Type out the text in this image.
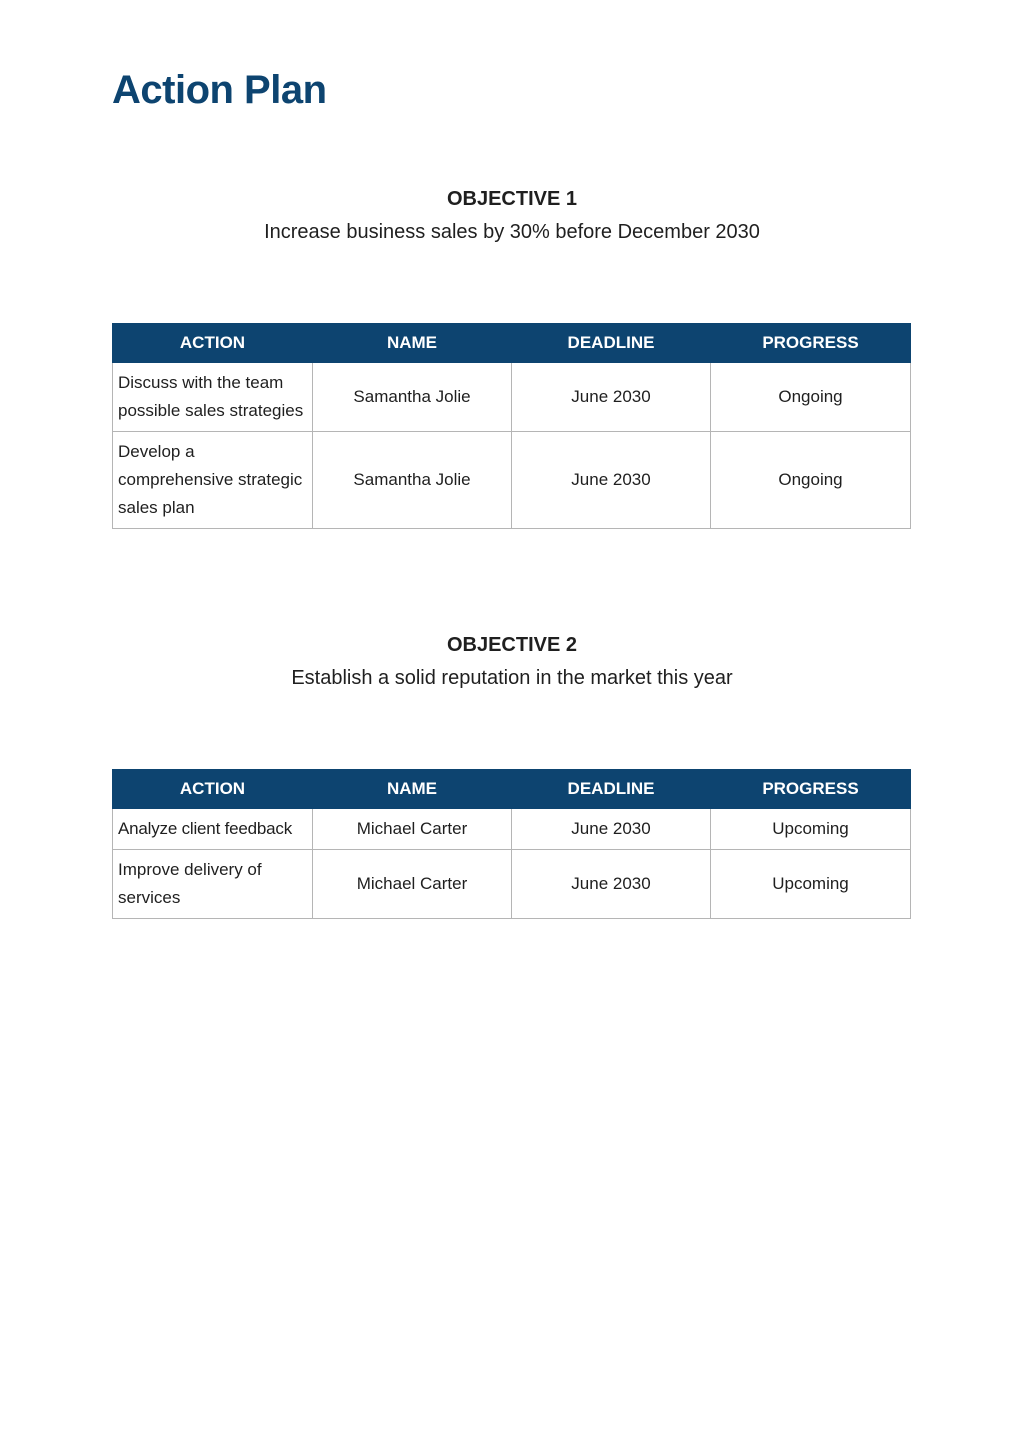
Action Plan
OBJECTIVE 1
Increase business sales by 30% before December 2030
ACTION	NAME	DEADLINE	PROGRESS
Discuss with the team possible sales strategies	Samantha Jolie	June 2030	Ongoing
Develop a comprehensive strategic sales plan	Samantha Jolie	June 2030	Ongoing
OBJECTIVE 2
Establish a solid reputation in the market this year
ACTION	NAME	DEADLINE	PROGRESS
Analyze client feedback	Michael Carter	June 2030	Upcoming
Improve delivery of services	Michael Carter	June 2030	Upcoming
